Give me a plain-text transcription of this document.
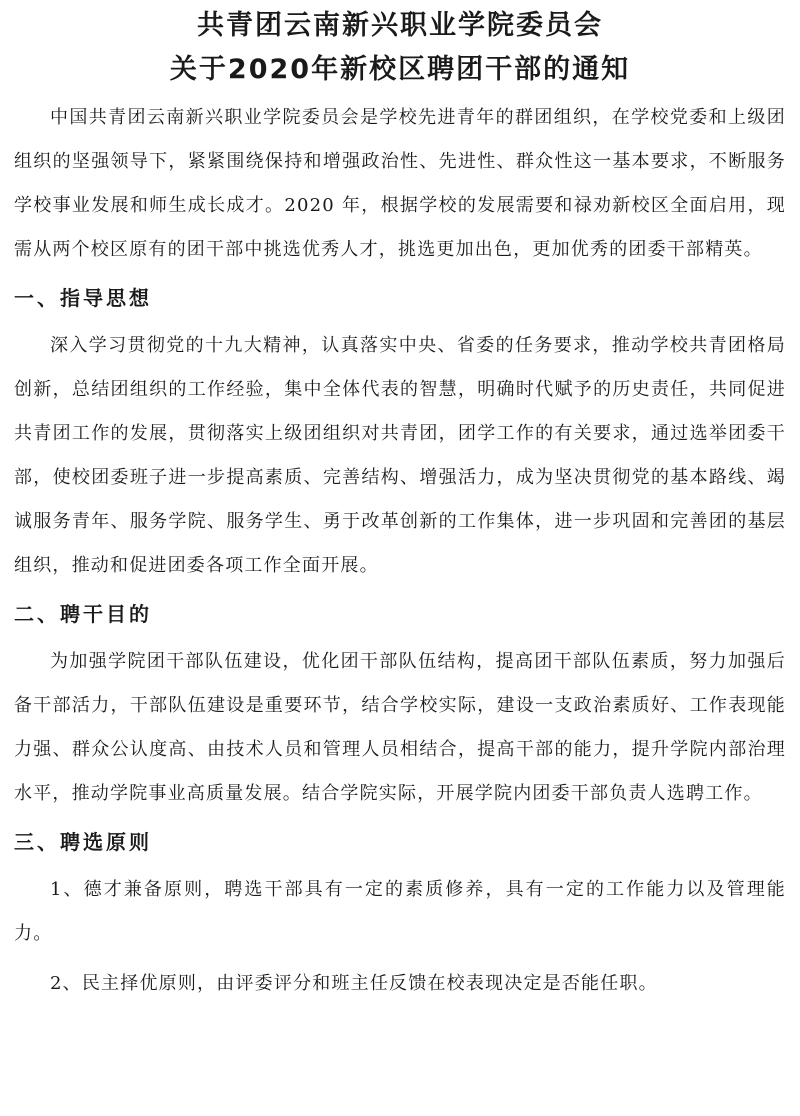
共青团云南新兴职业学院委员会
关于2020年新校区聘团干部的通知

中国共青团云南新兴职业学院委员会是学校先进青年的群团组织，在学校党委和上级团组织的坚强领导下，紧紧围绕保持和增强政治性、先进性、群众性这一基本要求，不断服务学校事业发展和师生成长成才。2020 年，根据学校的发展需要和禄劝新校区全面启用，现需从两个校区原有的团干部中挑选优秀人才，挑选更加出色，更加优秀的团委干部精英。

一、指导思想

深入学习贯彻党的十九大精神，认真落实中央、省委的任务要求，推动学校共青团格局创新，总结团组织的工作经验，集中全体代表的智慧，明确时代赋予的历史责任，共同促进共青团工作的发展，贯彻落实上级团组织对共青团，团学工作的有关要求，通过选举团委干部，使校团委班子进一步提高素质、完善结构、增强活力，成为坚决贯彻党的基本路线、竭诚服务青年、服务学院、服务学生、勇于改革创新的工作集体，进一步巩固和完善团的基层组织，推动和促进团委各项工作全面开展。

二、聘干目的

为加强学院团干部队伍建设，优化团干部队伍结构，提高团干部队伍素质，努力加强后备干部活力，干部队伍建设是重要环节，结合学校实际，建设一支政治素质好、工作表现能力强、群众公认度高、由技术人员和管理人员相结合，提高干部的能力，提升学院内部治理水平，推动学院事业高质量发展。结合学院实际，开展学院内团委干部负责人选聘工作。

三、聘选原则

1、德才兼备原则，聘选干部具有一定的素质修养，具有一定的工作能力以及管理能力。

2、民主择优原则，由评委评分和班主任反馈在校表现决定是否能任职。
